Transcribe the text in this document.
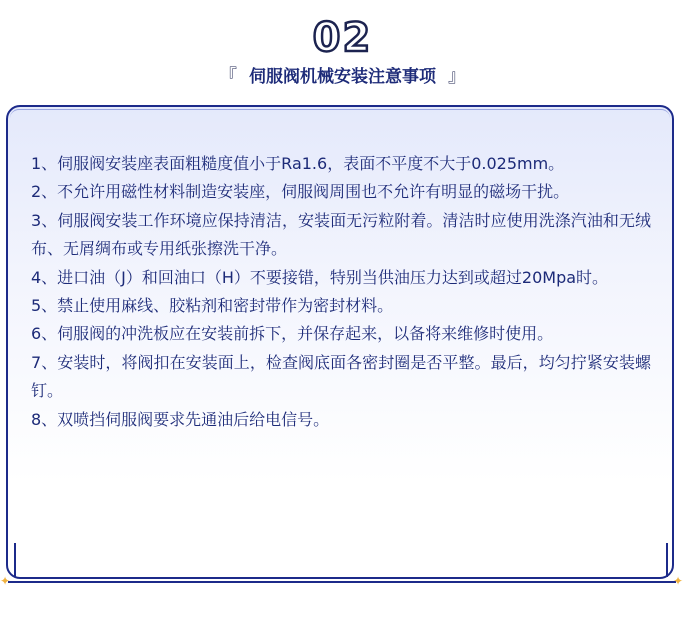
02
『 伺服阀机械安装注意事项 』
✦	✦

1、伺服阀安装座表面粗糙度值小于Ra1.6，表面不平度不大于0.025mm。

2、不允许用磁性材料制造安装座，伺服阀周围也不允许有明显的磁场干扰。

3、伺服阀安装工作环境应保持清洁，安装面无污粒附着。清洁时应使用洗涤汽油和无绒布、无屑绸布或专用纸张擦洗干净。

4、进口油（J）和回油口（H）不要接错，特别当供油压力达到或超过20Mpa时。

5、禁止使用麻线、胶粘剂和密封带作为密封材料。

6、伺服阀的冲洗板应在安装前拆下，并保存起来，以备将来维修时使用。

7、安装时，将阀扣在安装面上，检查阀底面各密封圈是否平整。最后，均匀拧紧安装螺钉。

8、双喷挡伺服阀要求先通油后给电信号。
